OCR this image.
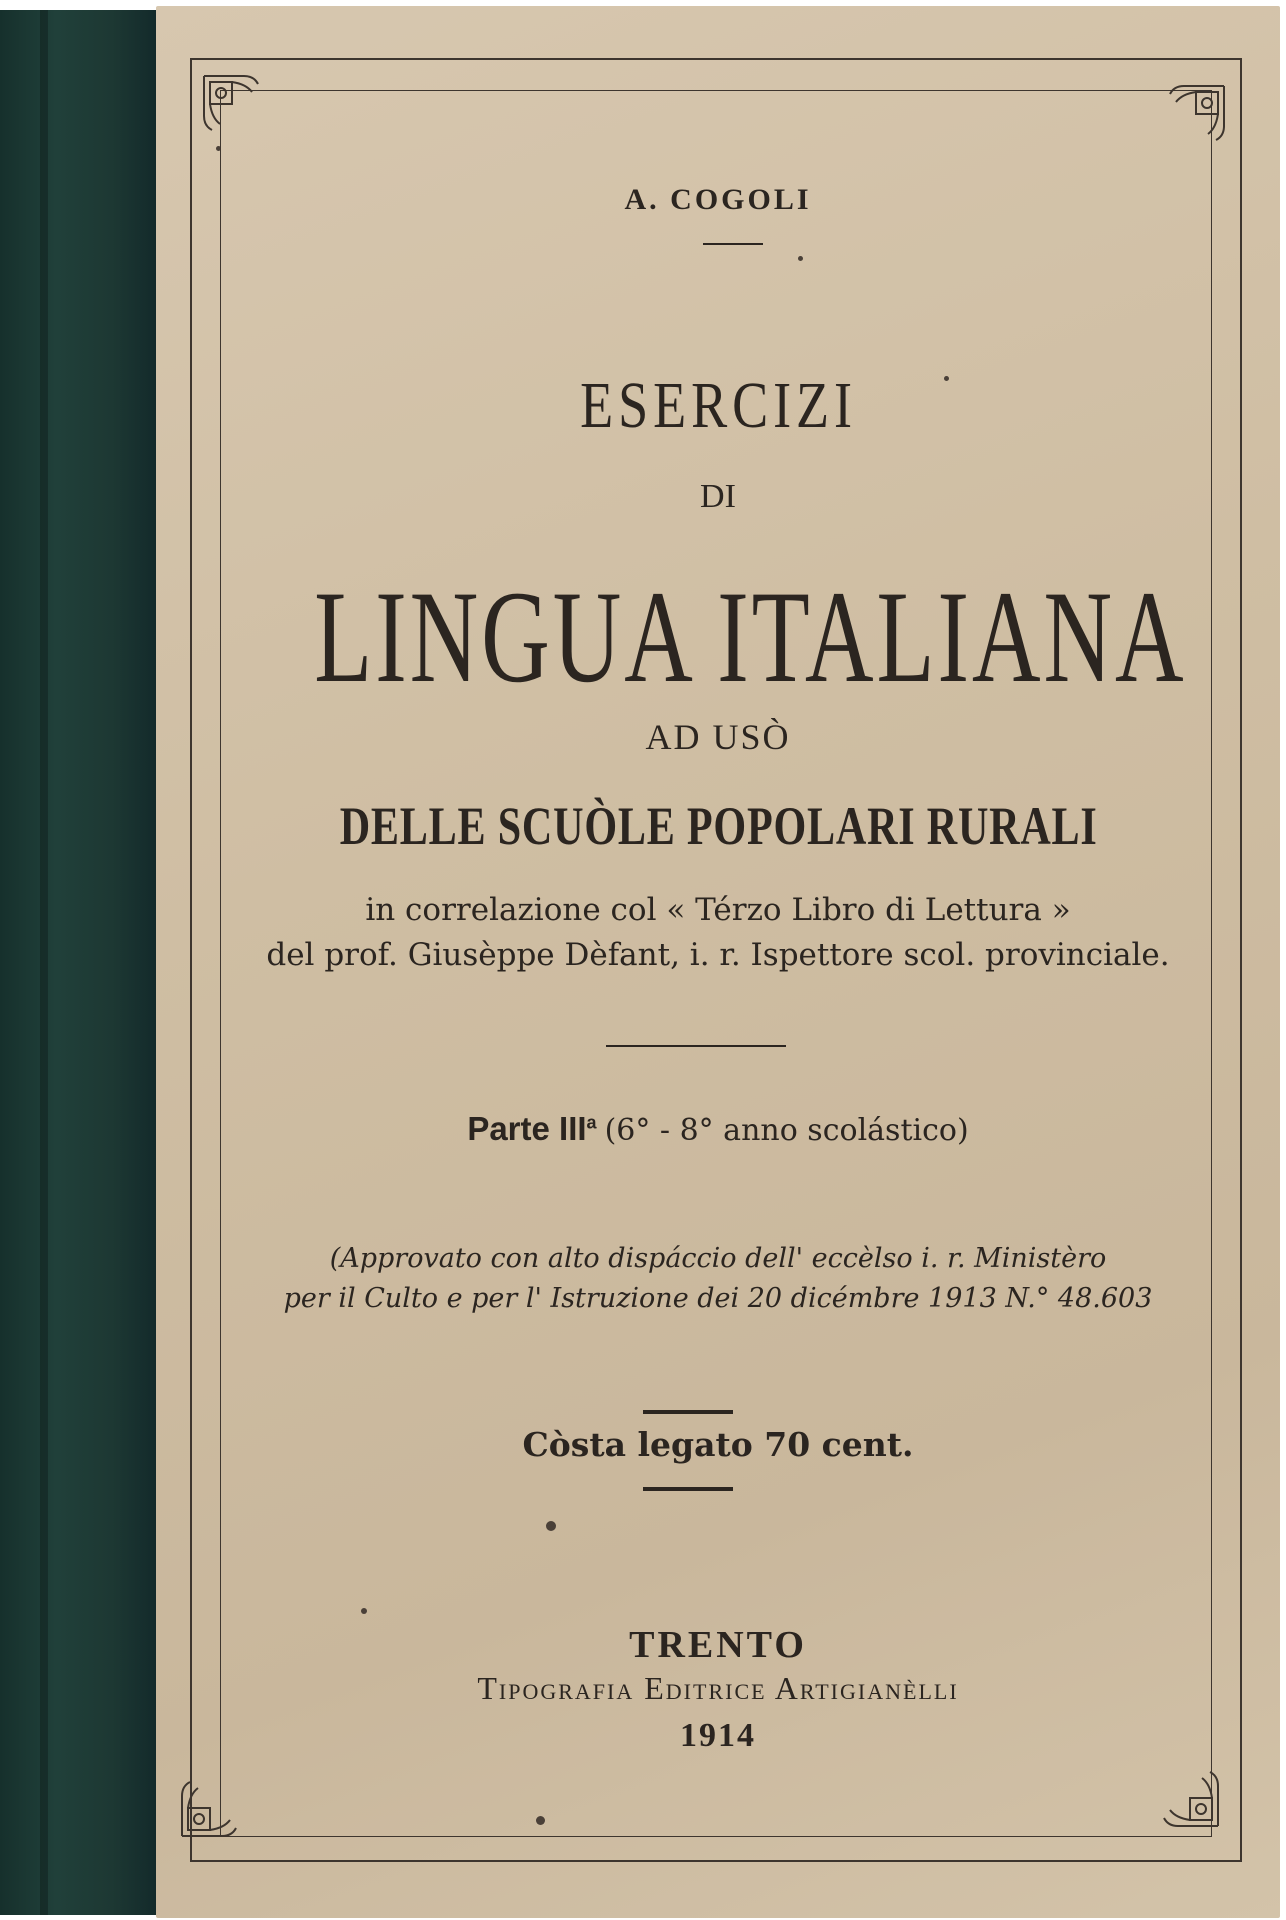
A. COGOLI
ESERCIZI
DI
LINGUA ITALIANA
AD USÒ
DELLE SCUÒLE POPOLARI RURALI
in correlazione col « Térzo Libro di Lettura »
del prof. Giusèppe Dèfant, i. r. Ispettore scol. provinciale.
Parte III$^a$ (6° - 8° anno scolástico)
(Approvato con alto dispáccio dell' eccèlso i. r. Ministèro
per il Culto e per l' Istruzione dei 20 dicémbre 1913 N.° 48.603
Còsta legato 70 cent.
TRENTO
Tipografia Editrice Artigianèlli
1914
